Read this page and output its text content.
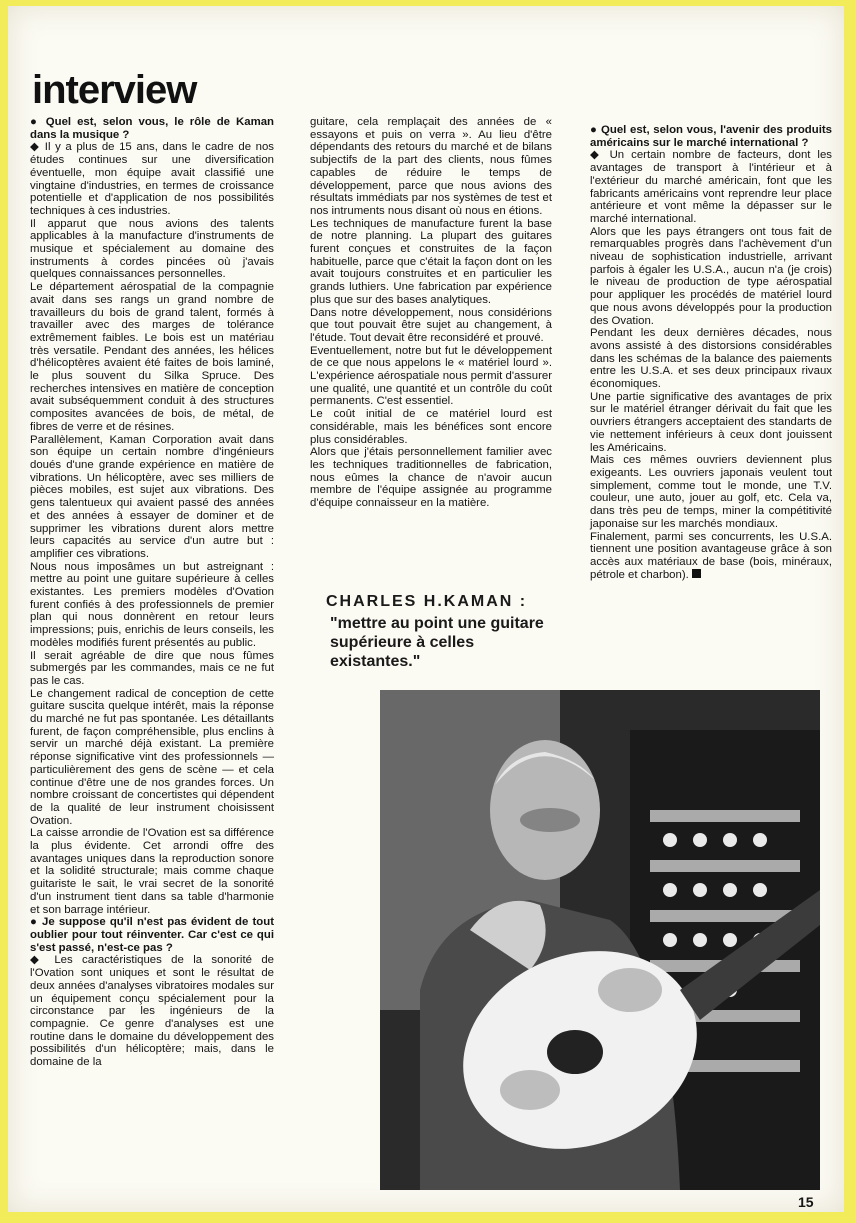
interview

● Quel est, selon vous, le rôle de Kaman dans la musique ?

◆ Il y a plus de 15 ans, dans le cadre de nos études continues sur une diversification éventuelle, mon équipe avait classifié une vingtaine d'industries, en termes de croissance potentielle et d'application de nos possibilités techniques à ces industries.

Il apparut que nous avions des talents applicables à la manufacture d'instruments de musique et spécialement au domaine des instruments à cordes pincées où j'avais quelques connaissances personnelles.

Le département aérospatial de la compagnie avait dans ses rangs un grand nombre de travailleurs du bois de grand talent, formés à travailler avec des marges de tolérance extrêmement faibles. Le bois est un matériau très versatile. Pendant des années, les hélices d'hélicoptères avaient été faites de bois laminé, le plus souvent du Silka Spruce. Des recherches intensives en matière de conception avait subséquemment conduit à des structures composites avancées de bois, de métal, de fibres de verre et de résines.

Parallèlement, Kaman Corporation avait dans son équipe un certain nombre d'ingénieurs doués d'une grande expérience en matière de vibrations. Un hélicoptère, avec ses milliers de pièces mobiles, est sujet aux vibrations. Des gens talentueux qui avaient passé des années et des années à essayer de dominer et de supprimer les vibrations durent alors mettre leurs capacités au service d'un autre but : amplifier ces vibrations.

Nous nous imposâmes un but astreignant : mettre au point une guitare supérieure à celles existantes. Les premiers modèles d'Ovation furent confiés à des professionnels de premier plan qui nous donnèrent en retour leurs impressions; puis, enrichis de leurs conseils, les modèles modifiés furent présentés au public.

Il serait agréable de dire que nous fûmes submergés par les commandes, mais ce ne fut pas le cas.

Le changement radical de conception de cette guitare suscita quelque intérêt, mais la réponse du marché ne fut pas spontanée. Les détaillants furent, de façon compréhensible, plus enclins à servir un marché déjà existant. La première réponse significative vint des professionnels — particulièrement des gens de scène — et cela continue d'être une de nos grandes forces. Un nombre croissant de concertistes qui dépendent de la qualité de leur instrument choisissent Ovation.

La caisse arrondie de l'Ovation est sa différence la plus évidente. Cet arrondi offre des avantages uniques dans la reproduction sonore et la solidité structurale; mais comme chaque guitariste le sait, le vrai secret de la sonorité d'un instrument tient dans sa table d'harmonie et son barrage intérieur.

● Je suppose qu'il n'est pas évident de tout oublier pour tout réinventer. Car c'est ce qui s'est passé, n'est-ce pas ?

◆ Les caractéristiques de la sonorité de l'Ovation sont uniques et sont le résultat de deux années d'analyses vibratoires modales sur un équipement conçu spécialement pour la circonstance par les ingénieurs de la compagnie. Ce genre d'analyses est une routine dans le domaine du développement des possibilités d'un hélicoptère; mais, dans le domaine de la

guitare, cela remplaçait des années de « essayons et puis on verra ». Au lieu d'être dépendants des retours du marché et de bilans subjectifs de la part des clients, nous fûmes capables de réduire le temps de développement, parce que nous avions des résultats immédiats par nos systèmes de test et nos intruments nous disant où nous en étions.

Les techniques de manufacture furent la base de notre planning. La plupart des guitares furent conçues et construites de la façon habituelle, parce que c'était la façon dont on les avait toujours construites et en particulier les grands luthiers. Une fabrication par expérience plus que sur des bases analytiques.

Dans notre développement, nous considérions que tout pouvait être sujet au changement, à l'étude. Tout devait être reconsidéré et prouvé.

Eventuellement, notre but fut le développement de ce que nous appelons le « matériel lourd ». L'expérience aérospatiale nous permit d'assurer une qualité, une quantité et un contrôle du coût permanents. C'est essentiel.

Le coût initial de ce matériel lourd est considérable, mais les bénéfices sont encore plus considérables.

Alors que j'étais personnellement familier avec les techniques traditionnelles de fabrication, nous eûmes la chance de n'avoir aucun membre de l'équipe assignée au programme d'équipe connaisseur en la matière.

CHARLES H.KAMAN :

"mettre au point une guitare supérieure à celles existantes."

● Quel est, selon vous, l'avenir des produits américains sur le marché international ?

◆ Un certain nombre de facteurs, dont les avantages de transport à l'intérieur et à l'extérieur du marché américain, font que les fabricants américains vont reprendre leur place antérieure et vont même la dépasser sur le marché international.

Alors que les pays étrangers ont tous fait de remarquables progrès dans l'achèvement d'un niveau de sophistication industrielle, arrivant parfois à égaler les U.S.A., aucun n'a (je crois) le niveau de production de type aérospatial pour appliquer les procédés de matériel lourd que nous avons développés pour la production des Ovation.

Pendant les deux dernières décades, nous avons assisté à des distorsions considérables dans les schémas de la balance des paiements entre les U.S.A. et ses deux principaux rivaux économiques.

Une partie significative des avantages de prix sur le matériel étranger dérivait du fait que les ouvriers étrangers acceptaient des standarts de vie nettement inférieurs à ceux dont jouissent les Américains.

Mais ces mêmes ouvriers deviennent plus exigeants. Les ouvriers japonais veulent tout simplement, comme tout le monde, une T.V. couleur, une auto, jouer au golf, etc. Cela va, dans très peu de temps, miner la compétitivité japonaise sur les marchés mondiaux.

Finalement, parmi ses concurrents, les U.S.A. tiennent une position avantageuse grâce à son accès aux matériaux de base (bois, minéraux, pétrole et charbon).

15
